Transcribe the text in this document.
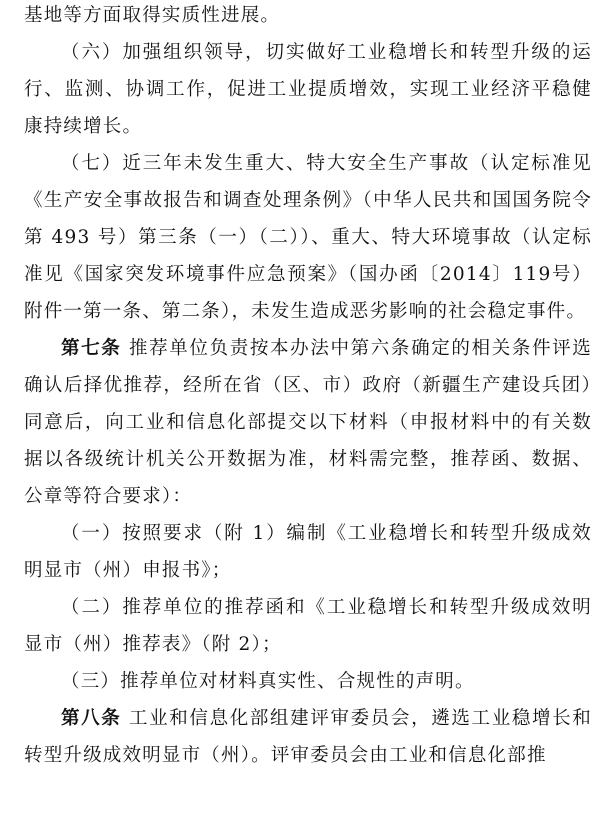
基地等方面取得实质性进展。

（六）加强组织领导，切实做好工业稳增长和转型升级的运行、监测、协调工作，促进工业提质增效，实现工业经济平稳健康持续增长。

（七）近三年未发生重大、特大安全生产事故（认定标准见《生产安全事故报告和调查处理条例》（中华人民共和国国务院令第 493 号）第三条（一）（二））、重大、特大环境事故（认定标准见《国家突发环境事件应急预案》（国办函〔2014〕119号）附件一第一条、第二条），未发生造成恶劣影响的社会稳定事件。

第七条 推荐单位负责按本办法中第六条确定的相关条件评选确认后择优推荐，经所在省（区、市）政府（新疆生产建设兵团）同意后，向工业和信息化部提交以下材料（申报材料中的有关数据以各级统计机关公开数据为准，材料需完整，推荐函、数据、公章等符合要求）：

（一）按照要求（附 1）编制《工业稳增长和转型升级成效明显市（州）申报书》；

（二）推荐单位的推荐函和《工业稳增长和转型升级成效明显市（州）推荐表》（附 2）；

（三）推荐单位对材料真实性、合规性的声明。

第八条 工业和信息化部组建评审委员会，遴选工业稳增长和转型升级成效明显市（州）。评审委员会由工业和信息化部推
